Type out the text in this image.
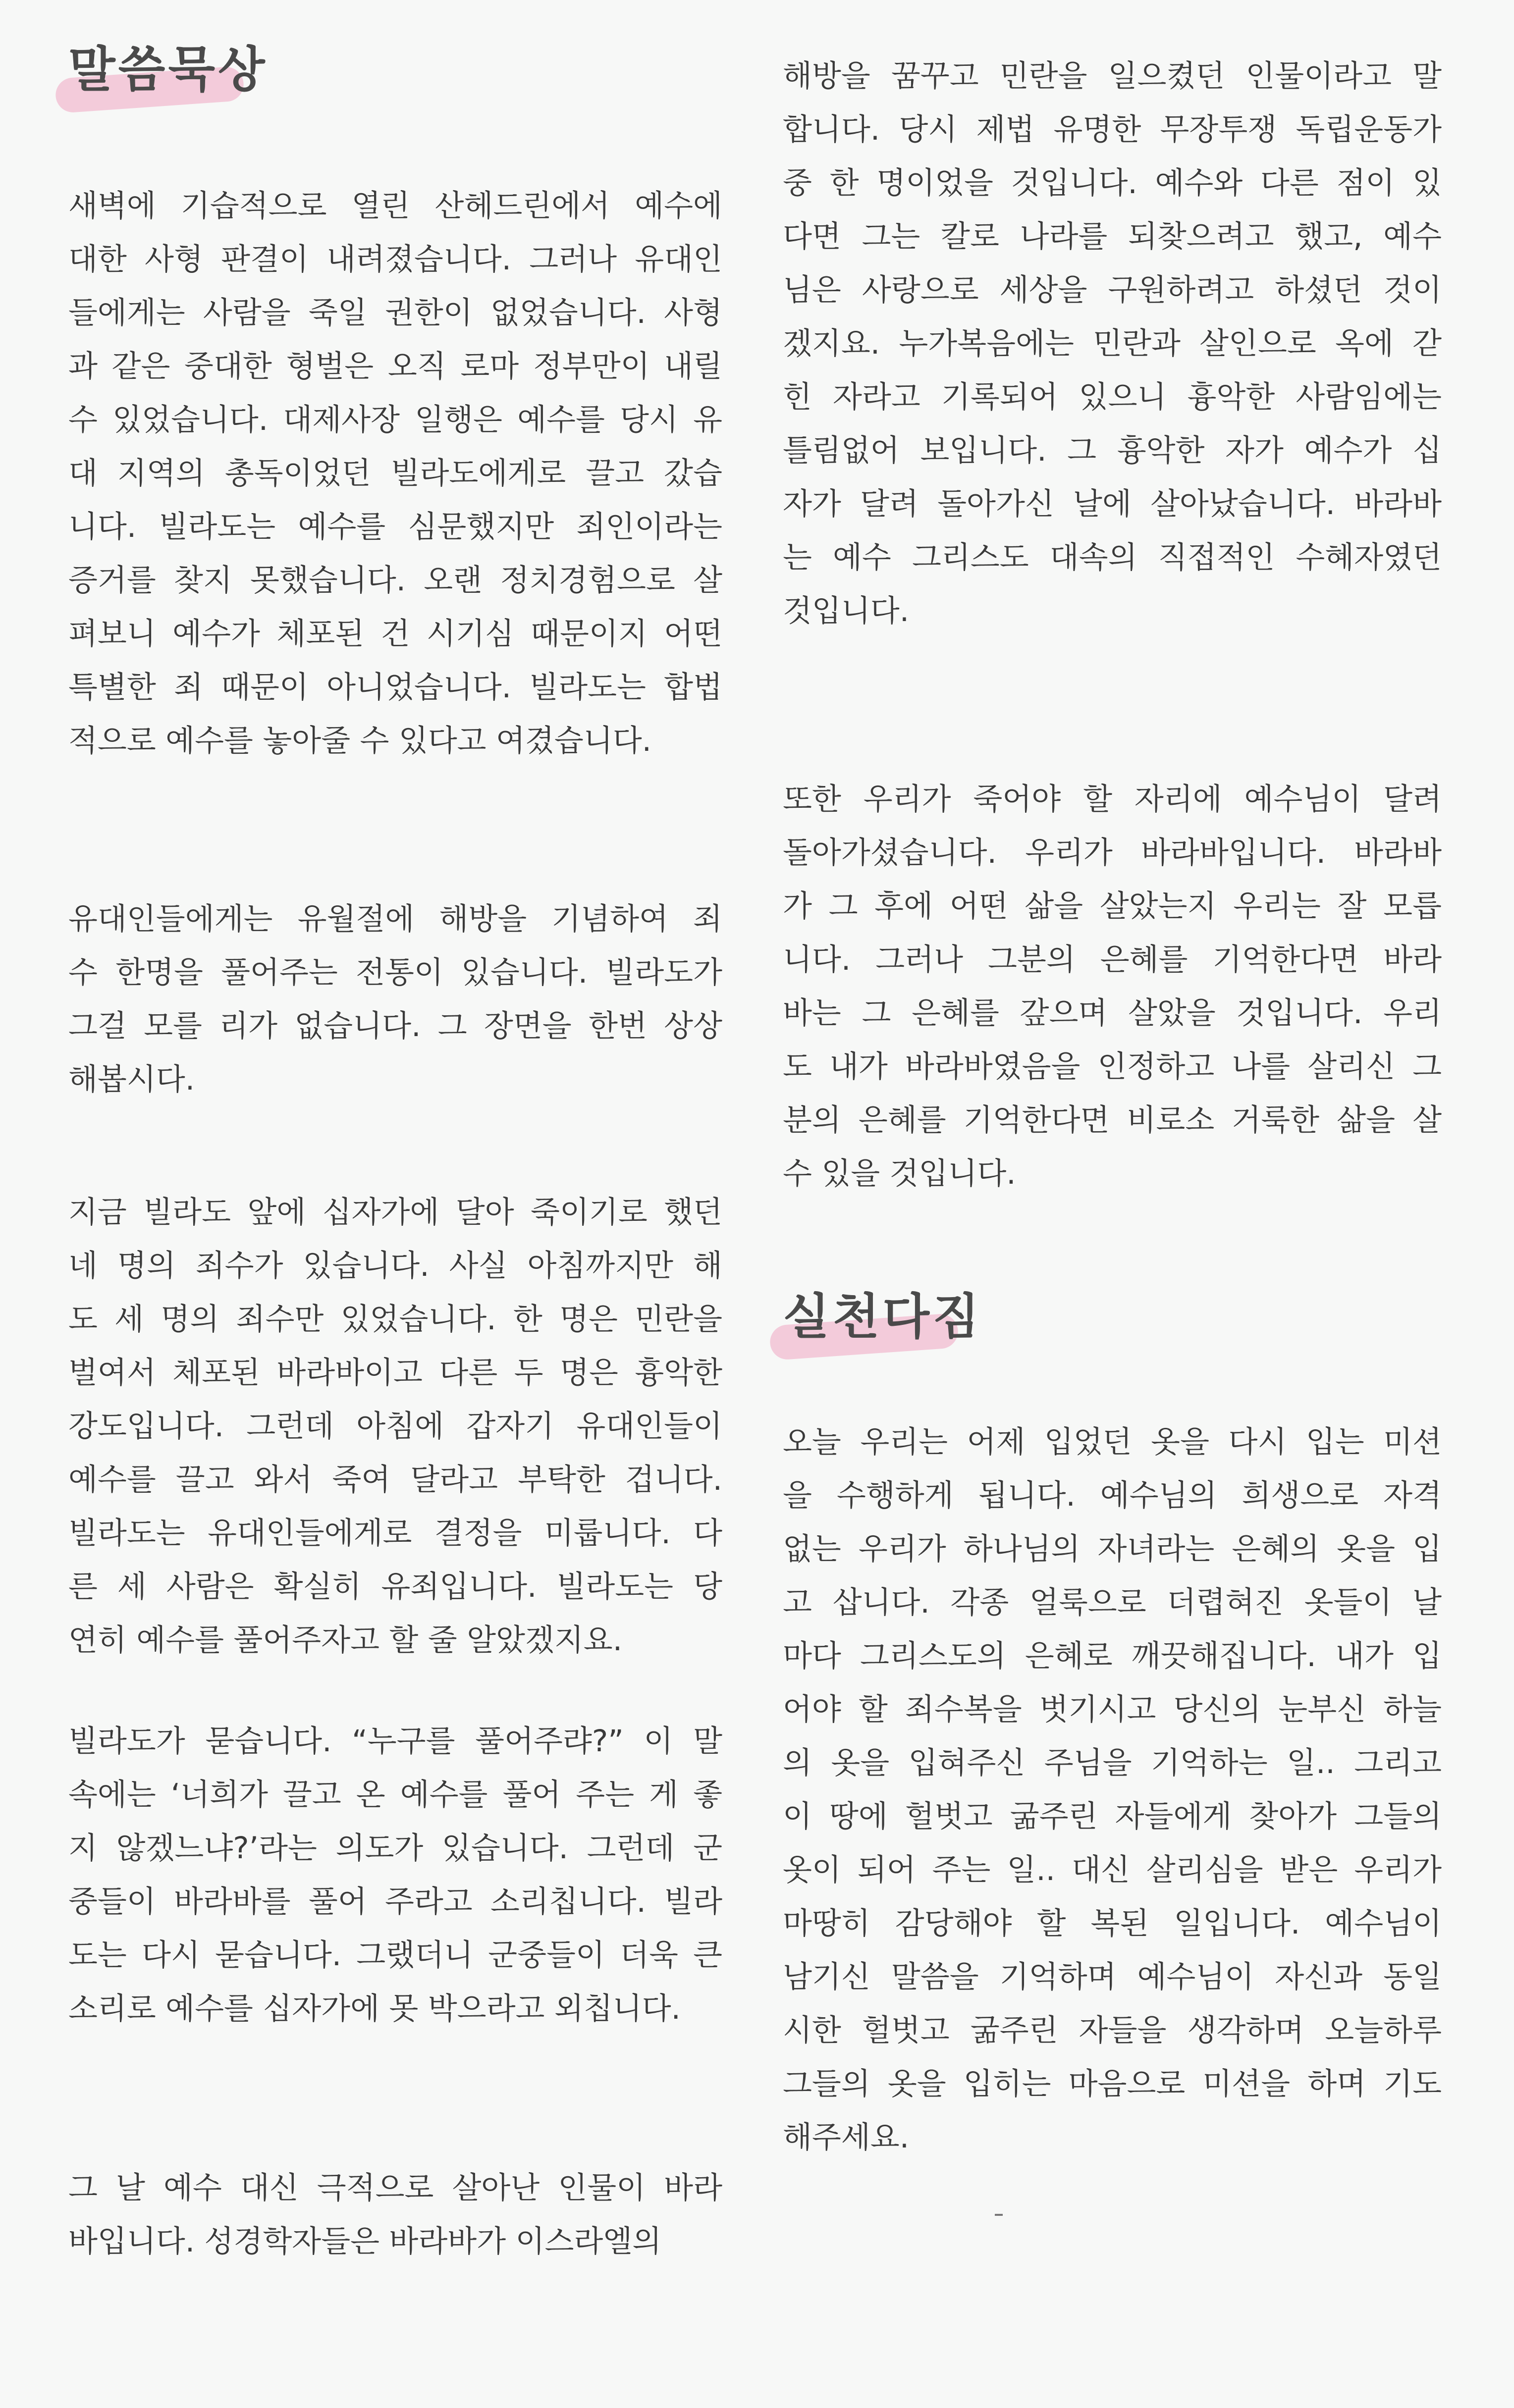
말씀묵상
새벽에 기습적으로 열린 산헤드린에서 예수에
대한 사형 판결이 내려졌습니다. 그러나 유대인
들에게는 사람을 죽일 권한이 없었습니다. 사형
과 같은 중대한 형벌은 오직 로마 정부만이 내릴
수 있었습니다. 대제사장 일행은 예수를 당시 유
대 지역의 총독이었던 빌라도에게로 끌고 갔습
니다. 빌라도는 예수를 심문했지만 죄인이라는
증거를 찾지 못했습니다. 오랜 정치경험으로 살
펴보니 예수가 체포된 건 시기심 때문이지 어떤
특별한 죄 때문이 아니었습니다. 빌라도는 합법
적으로 예수를 놓아줄 수 있다고 여겼습니다.
유대인들에게는 유월절에 해방을 기념하여 죄
수 한명을 풀어주는 전통이 있습니다. 빌라도가
그걸 모를 리가 없습니다. 그 장면을 한번 상상
해봅시다.
지금 빌라도 앞에 십자가에 달아 죽이기로 했던
네 명의 죄수가 있습니다. 사실 아침까지만 해
도 세 명의 죄수만 있었습니다. 한 명은 민란을
벌여서 체포된 바라바이고 다른 두 명은 흉악한
강도입니다. 그런데 아침에 갑자기 유대인들이
예수를 끌고 와서 죽여 달라고 부탁한 겁니다.
빌라도는 유대인들에게로 결정을 미룹니다. 다
른 세 사람은 확실히 유죄입니다. 빌라도는 당
연히 예수를 풀어주자고 할 줄 알았겠지요.
빌라도가 묻습니다. “누구를 풀어주랴?” 이 말
속에는 ‘너희가 끌고 온 예수를 풀어 주는 게 좋
지 않겠느냐?’라는 의도가 있습니다. 그런데 군
중들이 바라바를 풀어 주라고 소리칩니다. 빌라
도는 다시 묻습니다. 그랬더니 군중들이 더욱 큰
소리로 예수를 십자가에 못 박으라고 외칩니다.
그 날 예수 대신 극적으로 살아난 인물이 바라
바입니다. 성경학자들은 바라바가 이스라엘의
해방을 꿈꾸고 민란을 일으켰던 인물이라고 말
합니다. 당시 제법 유명한 무장투쟁 독립운동가
중 한 명이었을 것입니다. 예수와 다른 점이 있
다면 그는 칼로 나라를 되찾으려고 했고, 예수
님은 사랑으로 세상을 구원하려고 하셨던 것이
겠지요. 누가복음에는 민란과 살인으로 옥에 갇
힌 자라고 기록되어 있으니 흉악한 사람임에는
틀림없어 보입니다. 그 흉악한 자가 예수가 십
자가 달려 돌아가신 날에 살아났습니다. 바라바
는 예수 그리스도 대속의 직접적인 수혜자였던
것입니다.
또한 우리가 죽어야 할 자리에 예수님이 달려
돌아가셨습니다. 우리가 바라바입니다. 바라바
가 그 후에 어떤 삶을 살았는지 우리는 잘 모릅
니다. 그러나 그분의 은혜를 기억한다면 바라
바는 그 은혜를 갚으며 살았을 것입니다. 우리
도 내가 바라바였음을 인정하고 나를 살리신 그
분의 은혜를 기억한다면 비로소 거룩한 삶을 살
수 있을 것입니다.
실천다짐
오늘 우리는 어제 입었던 옷을 다시 입는 미션
을 수행하게 됩니다. 예수님의 희생으로 자격
없는 우리가 하나님의 자녀라는 은혜의 옷을 입
고 삽니다. 각종 얼룩으로 더렵혀진 옷들이 날
마다 그리스도의 은혜로 깨끗해집니다. 내가 입
어야 할 죄수복을 벗기시고 당신의 눈부신 하늘
의 옷을 입혀주신 주님을 기억하는 일.. 그리고
이 땅에 헐벗고 굶주린 자들에게 찾아가 그들의
옷이 되어 주는 일.. 대신 살리심을 받은 우리가
마땅히 감당해야 할 복된 일입니다. 예수님이
남기신 말씀을 기억하며 예수님이 자신과 동일
시한 헐벗고 굶주린 자들을 생각하며 오늘하루
그들의 옷을 입히는 마음으로 미션을 하며 기도
해주세요.
